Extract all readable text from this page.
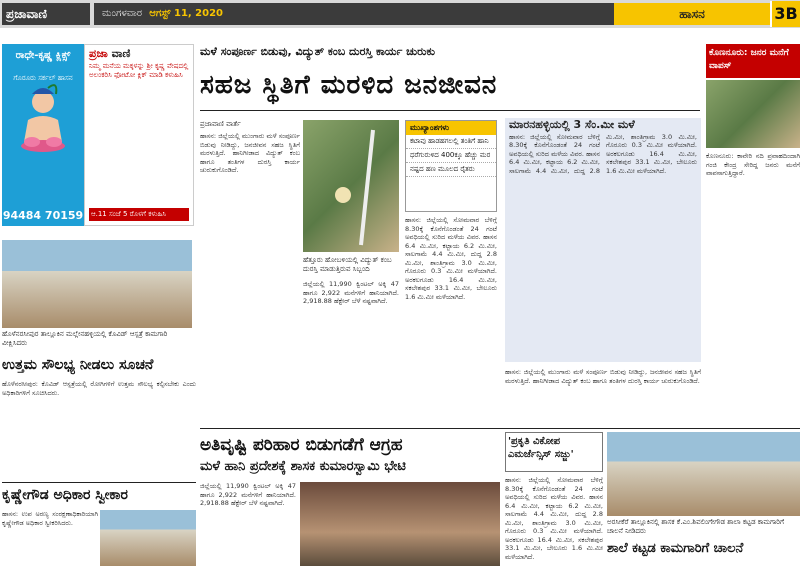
ಪ್ರಜಾವಾಣಿ	ಮಂಗಳವಾರ ಆಗಸ್ಟ್ 11, 2020	ಹಾಸನ	3B
ರಾಧೇ-ಕೃಷ್ಣ ಕ್ಲಿಕ್ಸ್
ಗೊರೂರು ಸರ್ಕಲ್ ಹಾಸನ
94484 70159
ಪ್ರಜಾ ವಾಣಿ
ನಿಮ್ಮ ಮನೆಯ ಮಕ್ಕಳನ್ನು ಶ್ರೀ ಕೃಷ್ಣ ವೇಷದಲ್ಲಿ ಅಲಂಕರಿಸಿ ಫೋಟೋ ಕ್ಲಿಕ್ ಮಾಡಿ ಕಳುಹಿಸಿ
ಆ.11 ಸಂಜೆ 5 ರೊಳಗೆ ಕಳುಹಿಸಿ
ಮಳೆ ಸಂಪೂರ್ಣ ಬಿಡುವು, ವಿದ್ಯುತ್ ಕಂಬ ದುರಸ್ತಿ ಕಾರ್ಯ ಚುರುಕು
ಸಹಜ ಸ್ಥಿತಿಗೆ ಮರಳಿದ ಜನಜೀವನ
ಪ್ರಜಾವಾಣಿ ವಾರ್ತೆ
ಹಾಸನ: ಜಿಲ್ಲೆಯಲ್ಲಿ ಮುಂಗಾರು ಮಳೆ ಸಂಪೂರ್ಣ ಬಿಡುವು ನೀಡಿದ್ದು, ಜನಜೀವನ ಸಹಜ ಸ್ಥಿತಿಗೆ ಮರಳುತ್ತಿದೆ. ಹಾನಿಗೀಡಾದ ವಿದ್ಯುತ್ ಕಂಬ ಹಾಗೂ ತಂತಿಗಳ ದುರಸ್ತಿ ಕಾರ್ಯ ಚುರುಕುಗೊಂಡಿದೆ.
ಹೆತ್ತೂರು ಹೋಬಳಿಯಲ್ಲಿ ವಿದ್ಯುತ್ ಕಂಬ ದುರಸ್ತಿ ಮಾಡುತ್ತಿರುವ ಸಿಬ್ಬಂದಿ
ಜಿಲ್ಲೆಯಲ್ಲಿ 11,990 ಕ್ವಿಂಟಲ್ ಅಕ್ಕಿ 47 ಹಾಗೂ 2,922 ಮನೆಗಳಿಗೆ ಹಾನಿಯಾಗಿದೆ. 2,918.88 ಹೆಕ್ಟೇರ್ ಬೆಳೆ ನಷ್ಟವಾಗಿದೆ.
ಮುಖ್ಯಾಂಶಗಳು
ಕಟಾವು ಹಾಡಹಗಲಲ್ಲಿ ತಂತಿಗೆ ಹಾನಿ
ಧರೆಗುರುಳಿದ 400ಕ್ಕೂ ಹೆಚ್ಚು ಮರ
ನಷ್ಟದ ಹಣ ಮೂಲದ ರೈತರು
ಹಾಸನ: ಜಿಲ್ಲೆಯಲ್ಲಿ ಸೋಮವಾರ ಬೆಳಿಗ್ಗೆ 8.30ಕ್ಕೆ ಕೊನೆಗೊಂಡಂತೆ 24 ಗಂಟೆ ಅವಧಿಯಲ್ಲಿ ಸುರಿದ ಮಳೆಯ ವಿವರ. ಹಾಸನ 6.4 ಮಿ.ಮೀ, ಕಟ್ಟಾಯ 6.2 ಮಿ.ಮೀ, ಸಾಲಗಾಮೆ 4.4 ಮಿ.ಮೀ, ದುದ್ದ 2.8 ಮಿ.ಮೀ, ಶಾಂತಿಗ್ರಾಮ 3.0 ಮಿ.ಮೀ, ಗೊರೂರು 0.3 ಮಿ.ಮೀ ಮಳೆಯಾಗಿದೆ. ಅರಕಲಗೂಡು 16.4 ಮಿ.ಮೀ, ಸಕಲೇಶಪುರ 33.1 ಮಿ.ಮೀ, ಬೇಲೂರು 1.6 ಮಿ.ಮೀ ಮಳೆಯಾಗಿದೆ.
ಮಾರನಹಳ್ಳಿಯಲ್ಲಿ 3 ಸೆಂ.ಮೀ ಮಳೆ
ಹಾಸನ: ಜಿಲ್ಲೆಯಲ್ಲಿ ಸೋಮವಾರ ಬೆಳಿಗ್ಗೆ 8.30ಕ್ಕೆ ಕೊನೆಗೊಂಡಂತೆ 24 ಗಂಟೆ ಅವಧಿಯಲ್ಲಿ ಸುರಿದ ಮಳೆಯ ವಿವರ. ಹಾಸನ 6.4 ಮಿ.ಮೀ, ಕಟ್ಟಾಯ 6.2 ಮಿ.ಮೀ, ಸಾಲಗಾಮೆ 4.4 ಮಿ.ಮೀ, ದುದ್ದ 2.8 ಮಿ.ಮೀ, ಶಾಂತಿಗ್ರಾಮ 3.0 ಮಿ.ಮೀ, ಗೊರೂರು 0.3 ಮಿ.ಮೀ ಮಳೆಯಾಗಿದೆ. ಅರಕಲಗೂಡು 16.4 ಮಿ.ಮೀ, ಸಕಲೇಶಪುರ 33.1 ಮಿ.ಮೀ, ಬೇಲೂರು 1.6 ಮಿ.ಮೀ ಮಳೆಯಾಗಿದೆ.
ಹಾಸನ: ಜಿಲ್ಲೆಯಲ್ಲಿ ಮುಂಗಾರು ಮಳೆ ಸಂಪೂರ್ಣ ಬಿಡುವು ನೀಡಿದ್ದು, ಜನಜೀವನ ಸಹಜ ಸ್ಥಿತಿಗೆ ಮರಳುತ್ತಿದೆ. ಹಾನಿಗೀಡಾದ ವಿದ್ಯುತ್ ಕಂಬ ಹಾಗೂ ತಂತಿಗಳ ದುರಸ್ತಿ ಕಾರ್ಯ ಚುರುಕುಗೊಂಡಿದೆ.
ಕೊಣನೂರು: ಜನರ ಮನೆಗೆ ವಾಪಸ್
ಕೊಣನೂರು: ಕಾವೇರಿ ನದಿ ಪ್ರವಾಹದಿಂದಾಗಿ ಗಂಜಿ ಕೇಂದ್ರ ಸೇರಿದ್ದ ಜನರು ಮನೆಗೆ ವಾಪಸಾಗುತ್ತಿದ್ದಾರೆ.
ಹೊಳೆನರಸೀಪುರ ತಾಲ್ಲೂಕಿನ ಮಲ್ಲೇನಹಳ್ಳಿಯಲ್ಲಿ ಕೊವಿಡ್ ಆಸ್ಪತ್ರೆ ಕಾಮಗಾರಿ ವೀಕ್ಷಿಸಿದರು
ಉತ್ತಮ ಸೌಲಭ್ಯ ನೀಡಲು ಸೂಚನೆ
ಹೊಳೆನರಸೀಪುರ: ಕೊವಿಡ್ ಆಸ್ಪತ್ರೆಯಲ್ಲಿ ರೋಗಿಗಳಿಗೆ ಉತ್ತಮ ಸೌಲಭ್ಯ ಕಲ್ಪಿಸಬೇಕು ಎಂದು ಅಧಿಕಾರಿಗಳಿಗೆ ಸೂಚಿಸಿದರು.
ಕೃಷ್ಣೇಗೌಡ ಅಧಿಕಾರ ಸ್ವೀಕಾರ
ಹಾಸನ: ಉಪ ಅರಣ್ಯ ಸಂರಕ್ಷಣಾಧಿಕಾರಿಯಾಗಿ ಕೃಷ್ಣೇಗೌಡ ಅಧಿಕಾರ ಸ್ವೀಕರಿಸಿದರು.
ಅತಿವೃಷ್ಟಿ ಪರಿಹಾರ ಬಿಡುಗಡೆಗೆ ಆಗ್ರಹ
ಮಳೆ ಹಾನಿ ಪ್ರದೇಶಕ್ಕೆ ಶಾಸಕ ಕುಮಾರಸ್ವಾಮಿ ಭೇಟಿ
ಜಿಲ್ಲೆಯಲ್ಲಿ 11,990 ಕ್ವಿಂಟಲ್ ಅಕ್ಕಿ 47 ಹಾಗೂ 2,922 ಮನೆಗಳಿಗೆ ಹಾನಿಯಾಗಿದೆ. 2,918.88 ಹೆಕ್ಟೇರ್ ಬೆಳೆ ನಷ್ಟವಾಗಿದೆ.
'ಪ್ರಕೃತಿ ವಿಕೋಪ ಎಮರ್ಜೆನ್ಸಿಸ್ ಸಜ್ಜು'
ಹಾಸನ: ಜಿಲ್ಲೆಯಲ್ಲಿ ಸೋಮವಾರ ಬೆಳಿಗ್ಗೆ 8.30ಕ್ಕೆ ಕೊನೆಗೊಂಡಂತೆ 24 ಗಂಟೆ ಅವಧಿಯಲ್ಲಿ ಸುರಿದ ಮಳೆಯ ವಿವರ. ಹಾಸನ 6.4 ಮಿ.ಮೀ, ಕಟ್ಟಾಯ 6.2 ಮಿ.ಮೀ, ಸಾಲಗಾಮೆ 4.4 ಮಿ.ಮೀ, ದುದ್ದ 2.8 ಮಿ.ಮೀ, ಶಾಂತಿಗ್ರಾಮ 3.0 ಮಿ.ಮೀ, ಗೊರೂರು 0.3 ಮಿ.ಮೀ ಮಳೆಯಾಗಿದೆ. ಅರಕಲಗೂಡು 16.4 ಮಿ.ಮೀ, ಸಕಲೇಶಪುರ 33.1 ಮಿ.ಮೀ, ಬೇಲೂರು 1.6 ಮಿ.ಮೀ ಮಳೆಯಾಗಿದೆ.
ಅರಸೀಕೆರೆ ತಾಲ್ಲೂಕಿನಲ್ಲಿ ಶಾಸಕ ಕೆ.ಎಂ.ಶಿವಲಿಂಗೇಗೌಡ ಶಾಲಾ ಕಟ್ಟಡ ಕಾಮಗಾರಿಗೆ ಚಾಲನೆ ನೀಡಿದರು
ಶಾಲೆ ಕಟ್ಟಡ ಕಾಮಗಾರಿಗೆ ಚಾಲನೆ
